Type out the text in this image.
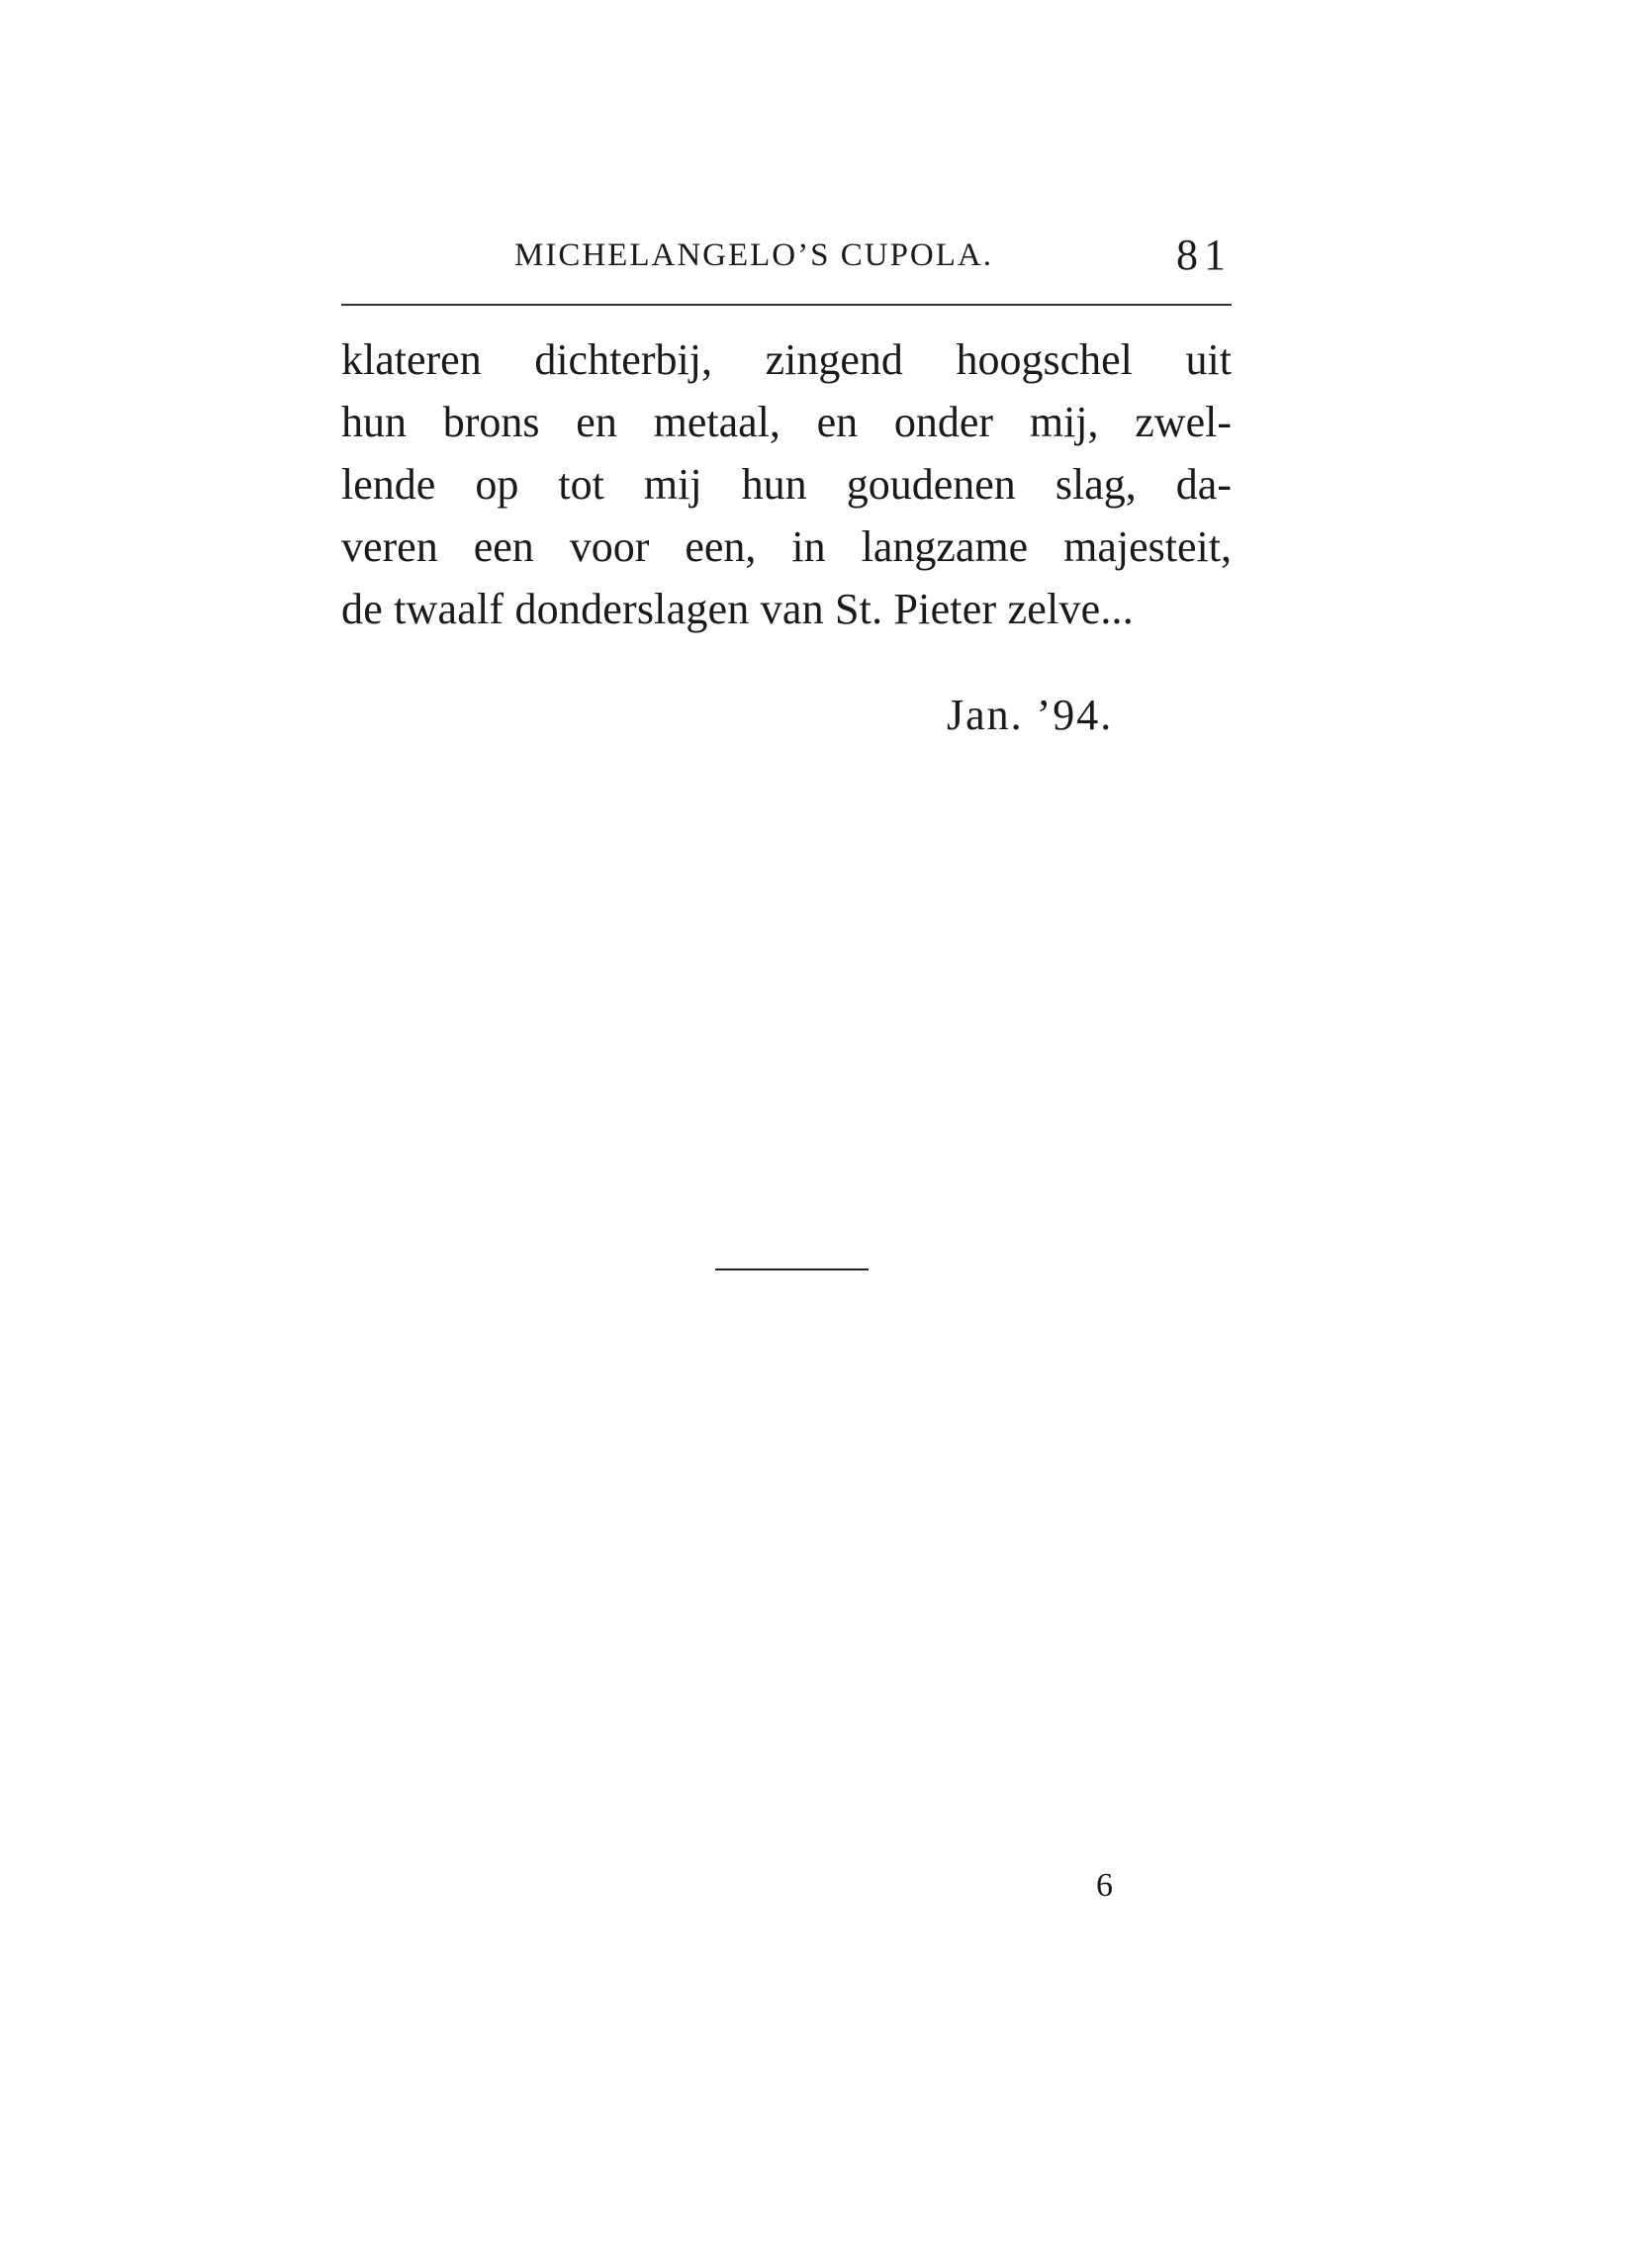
MICHELANGELO’S CUPOLA.	81
klateren dichterbij, zingend hoogschel uit
hun brons en metaal, en onder mij, zwel-
lende op tot mij hun goudenen slag, da-
veren een voor een, in langzame majesteit,
de twaalf donderslagen van St. Pieter zelve...
Jan. ’94.
6
